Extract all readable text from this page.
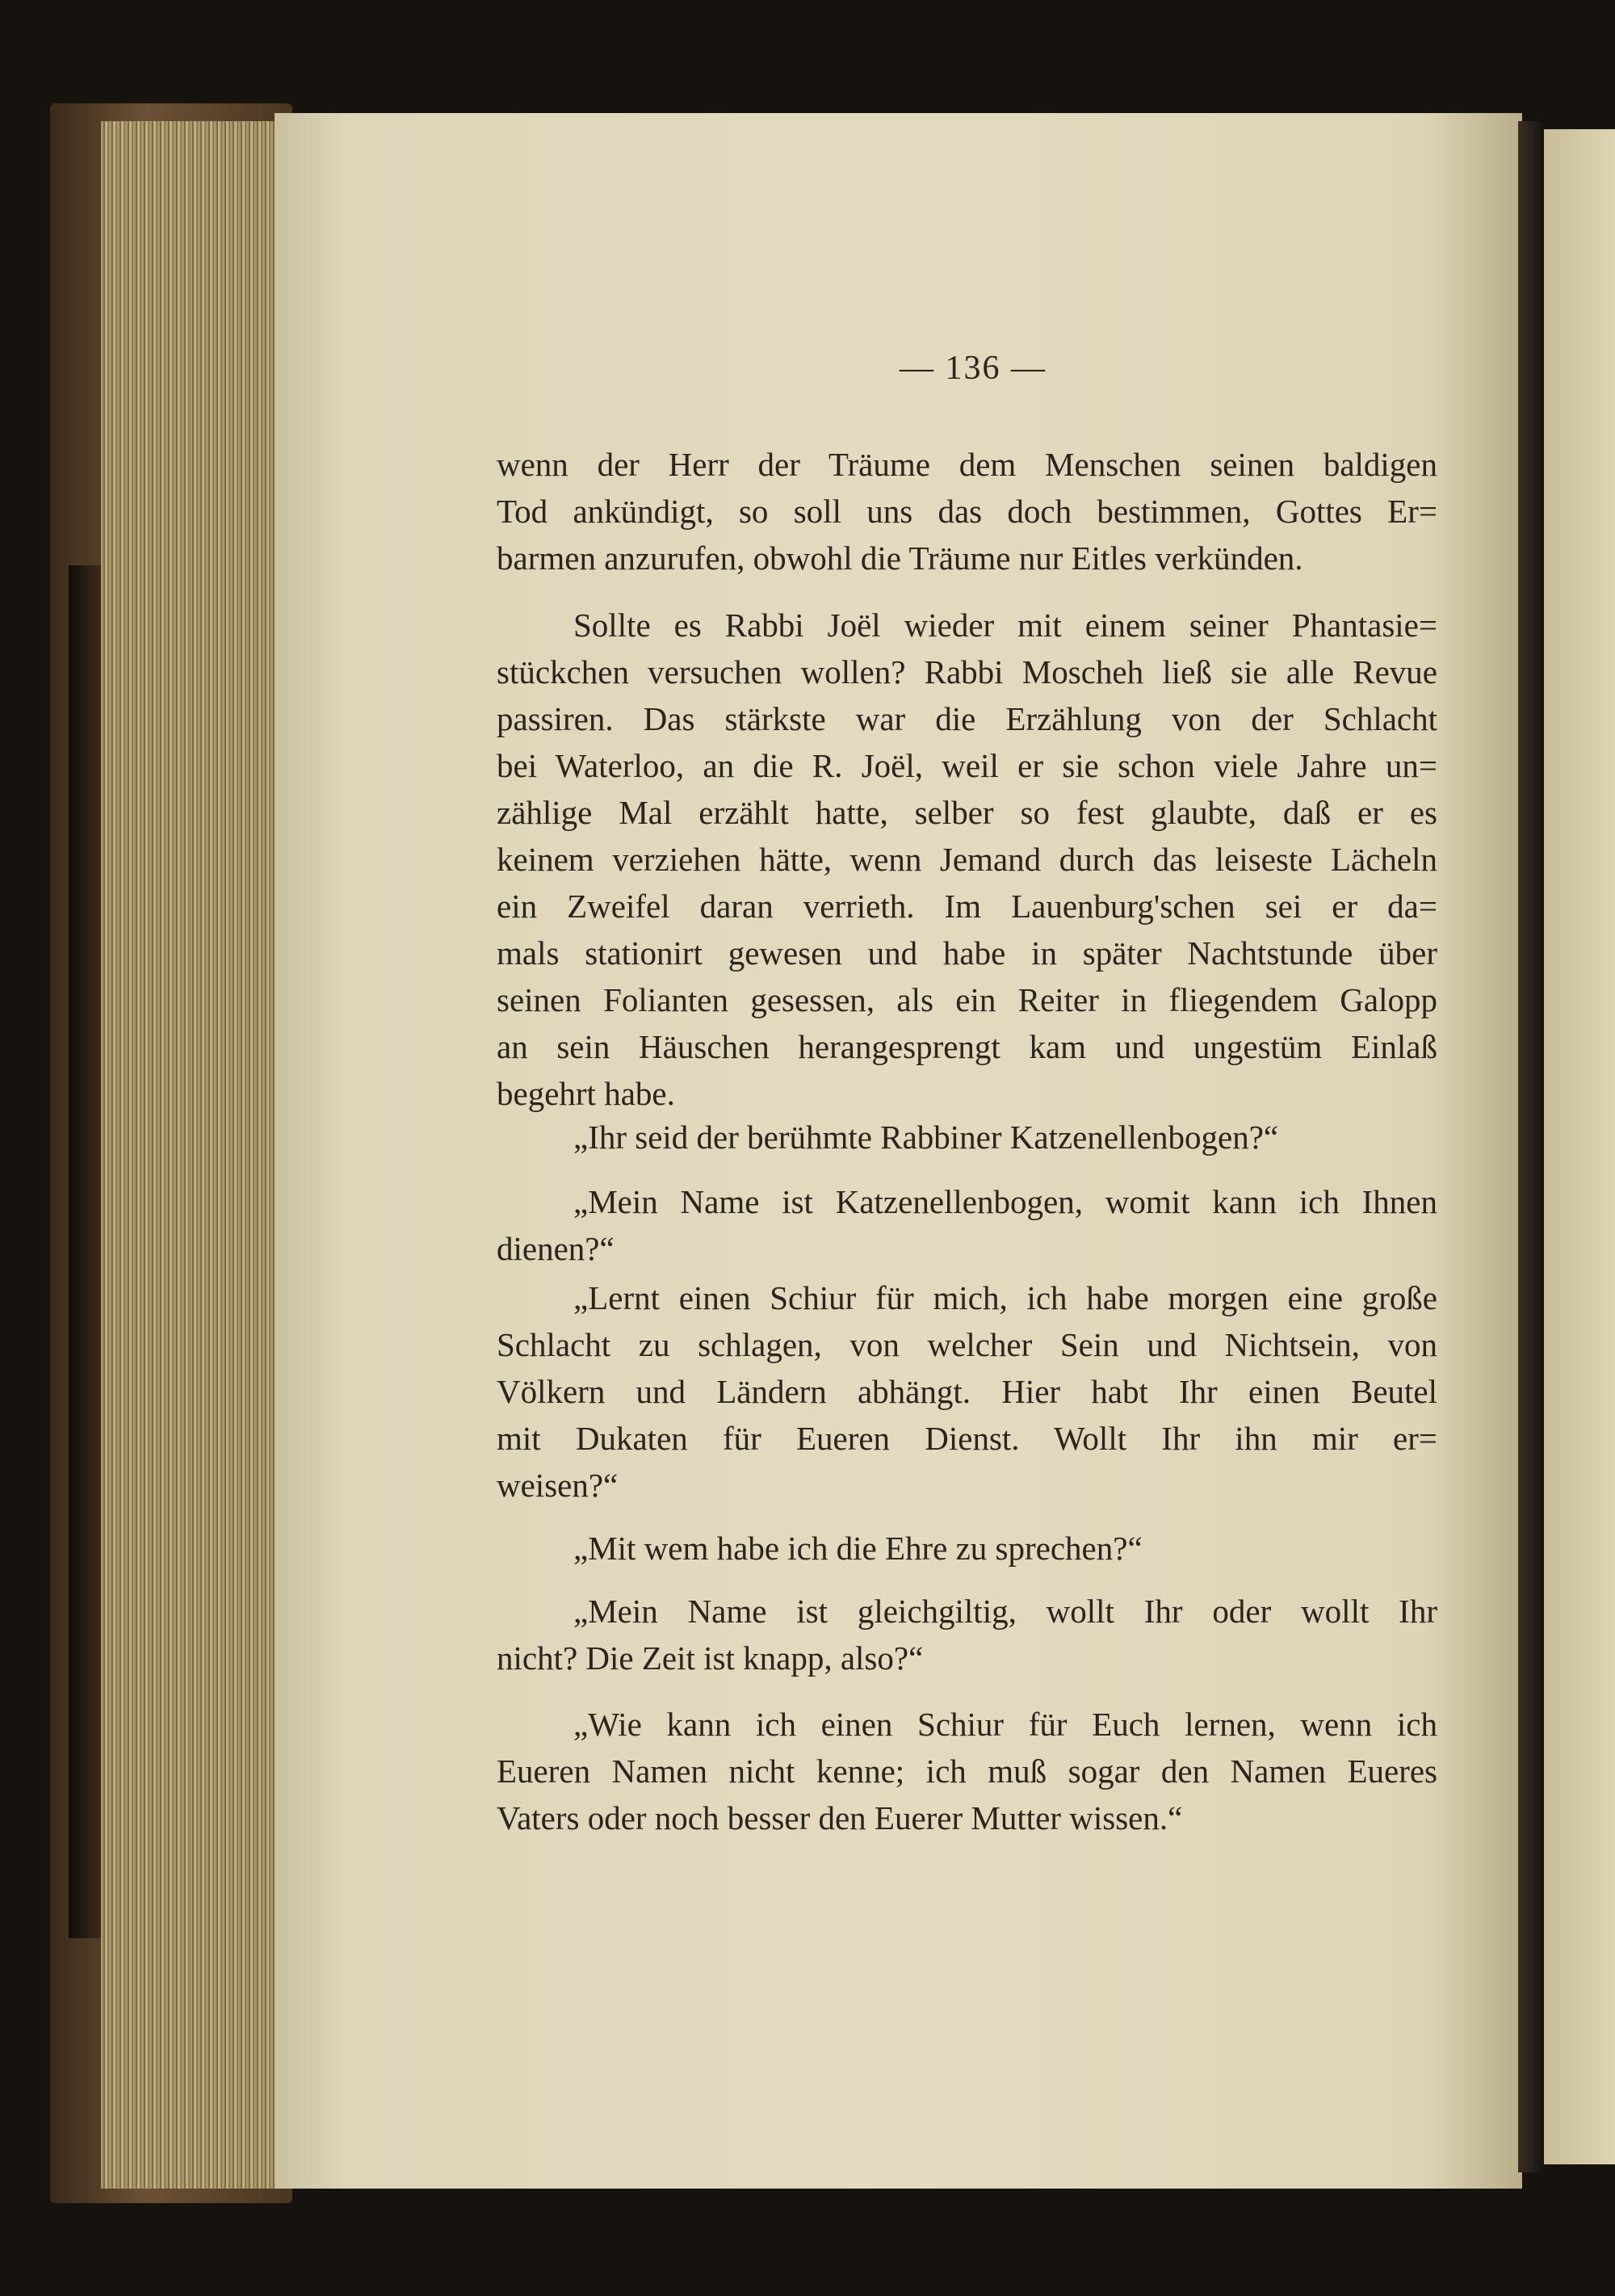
— 136 —
wenn der Herr der Träume dem Menschen seinen baldigen
Tod ankündigt, so soll uns das doch bestimmen, Gottes Er=
barmen anzurufen, obwohl die Träume nur Eitles verkünden.
Sollte es Rabbi Joël wieder mit einem seiner Phantasie=
stückchen versuchen wollen? Rabbi Moscheh ließ sie alle Revue
passiren. Das stärkste war die Erzählung von der Schlacht
bei Waterloo, an die R. Joël, weil er sie schon viele Jahre un=
zählige Mal erzählt hatte, selber so fest glaubte, daß er es
keinem verziehen hätte, wenn Jemand durch das leiseste Lächeln
ein Zweifel daran verrieth. Im Lauenburg'schen sei er da=
mals stationirt gewesen und habe in später Nachtstunde über
seinen Folianten gesessen, als ein Reiter in fliegendem Galopp
an sein Häuschen herangesprengt kam und ungestüm Einlaß
begehrt habe.
„Ihr seid der berühmte Rabbiner Katzenellenbogen?“
„Mein Name ist Katzenellenbogen, womit kann ich Ihnen
dienen?“
„Lernt einen Schiur für mich, ich habe morgen eine große
Schlacht zu schlagen, von welcher Sein und Nichtsein, von
Völkern und Ländern abhängt. Hier habt Ihr einen Beutel
mit Dukaten für Eueren Dienst. Wollt Ihr ihn mir er=
weisen?“
„Mit wem habe ich die Ehre zu sprechen?“
„Mein Name ist gleichgiltig, wollt Ihr oder wollt Ihr
nicht? Die Zeit ist knapp, also?“
„Wie kann ich einen Schiur für Euch lernen, wenn ich
Eueren Namen nicht kenne; ich muß sogar den Namen Eueres
Vaters oder noch besser den Euerer Mutter wissen.“
